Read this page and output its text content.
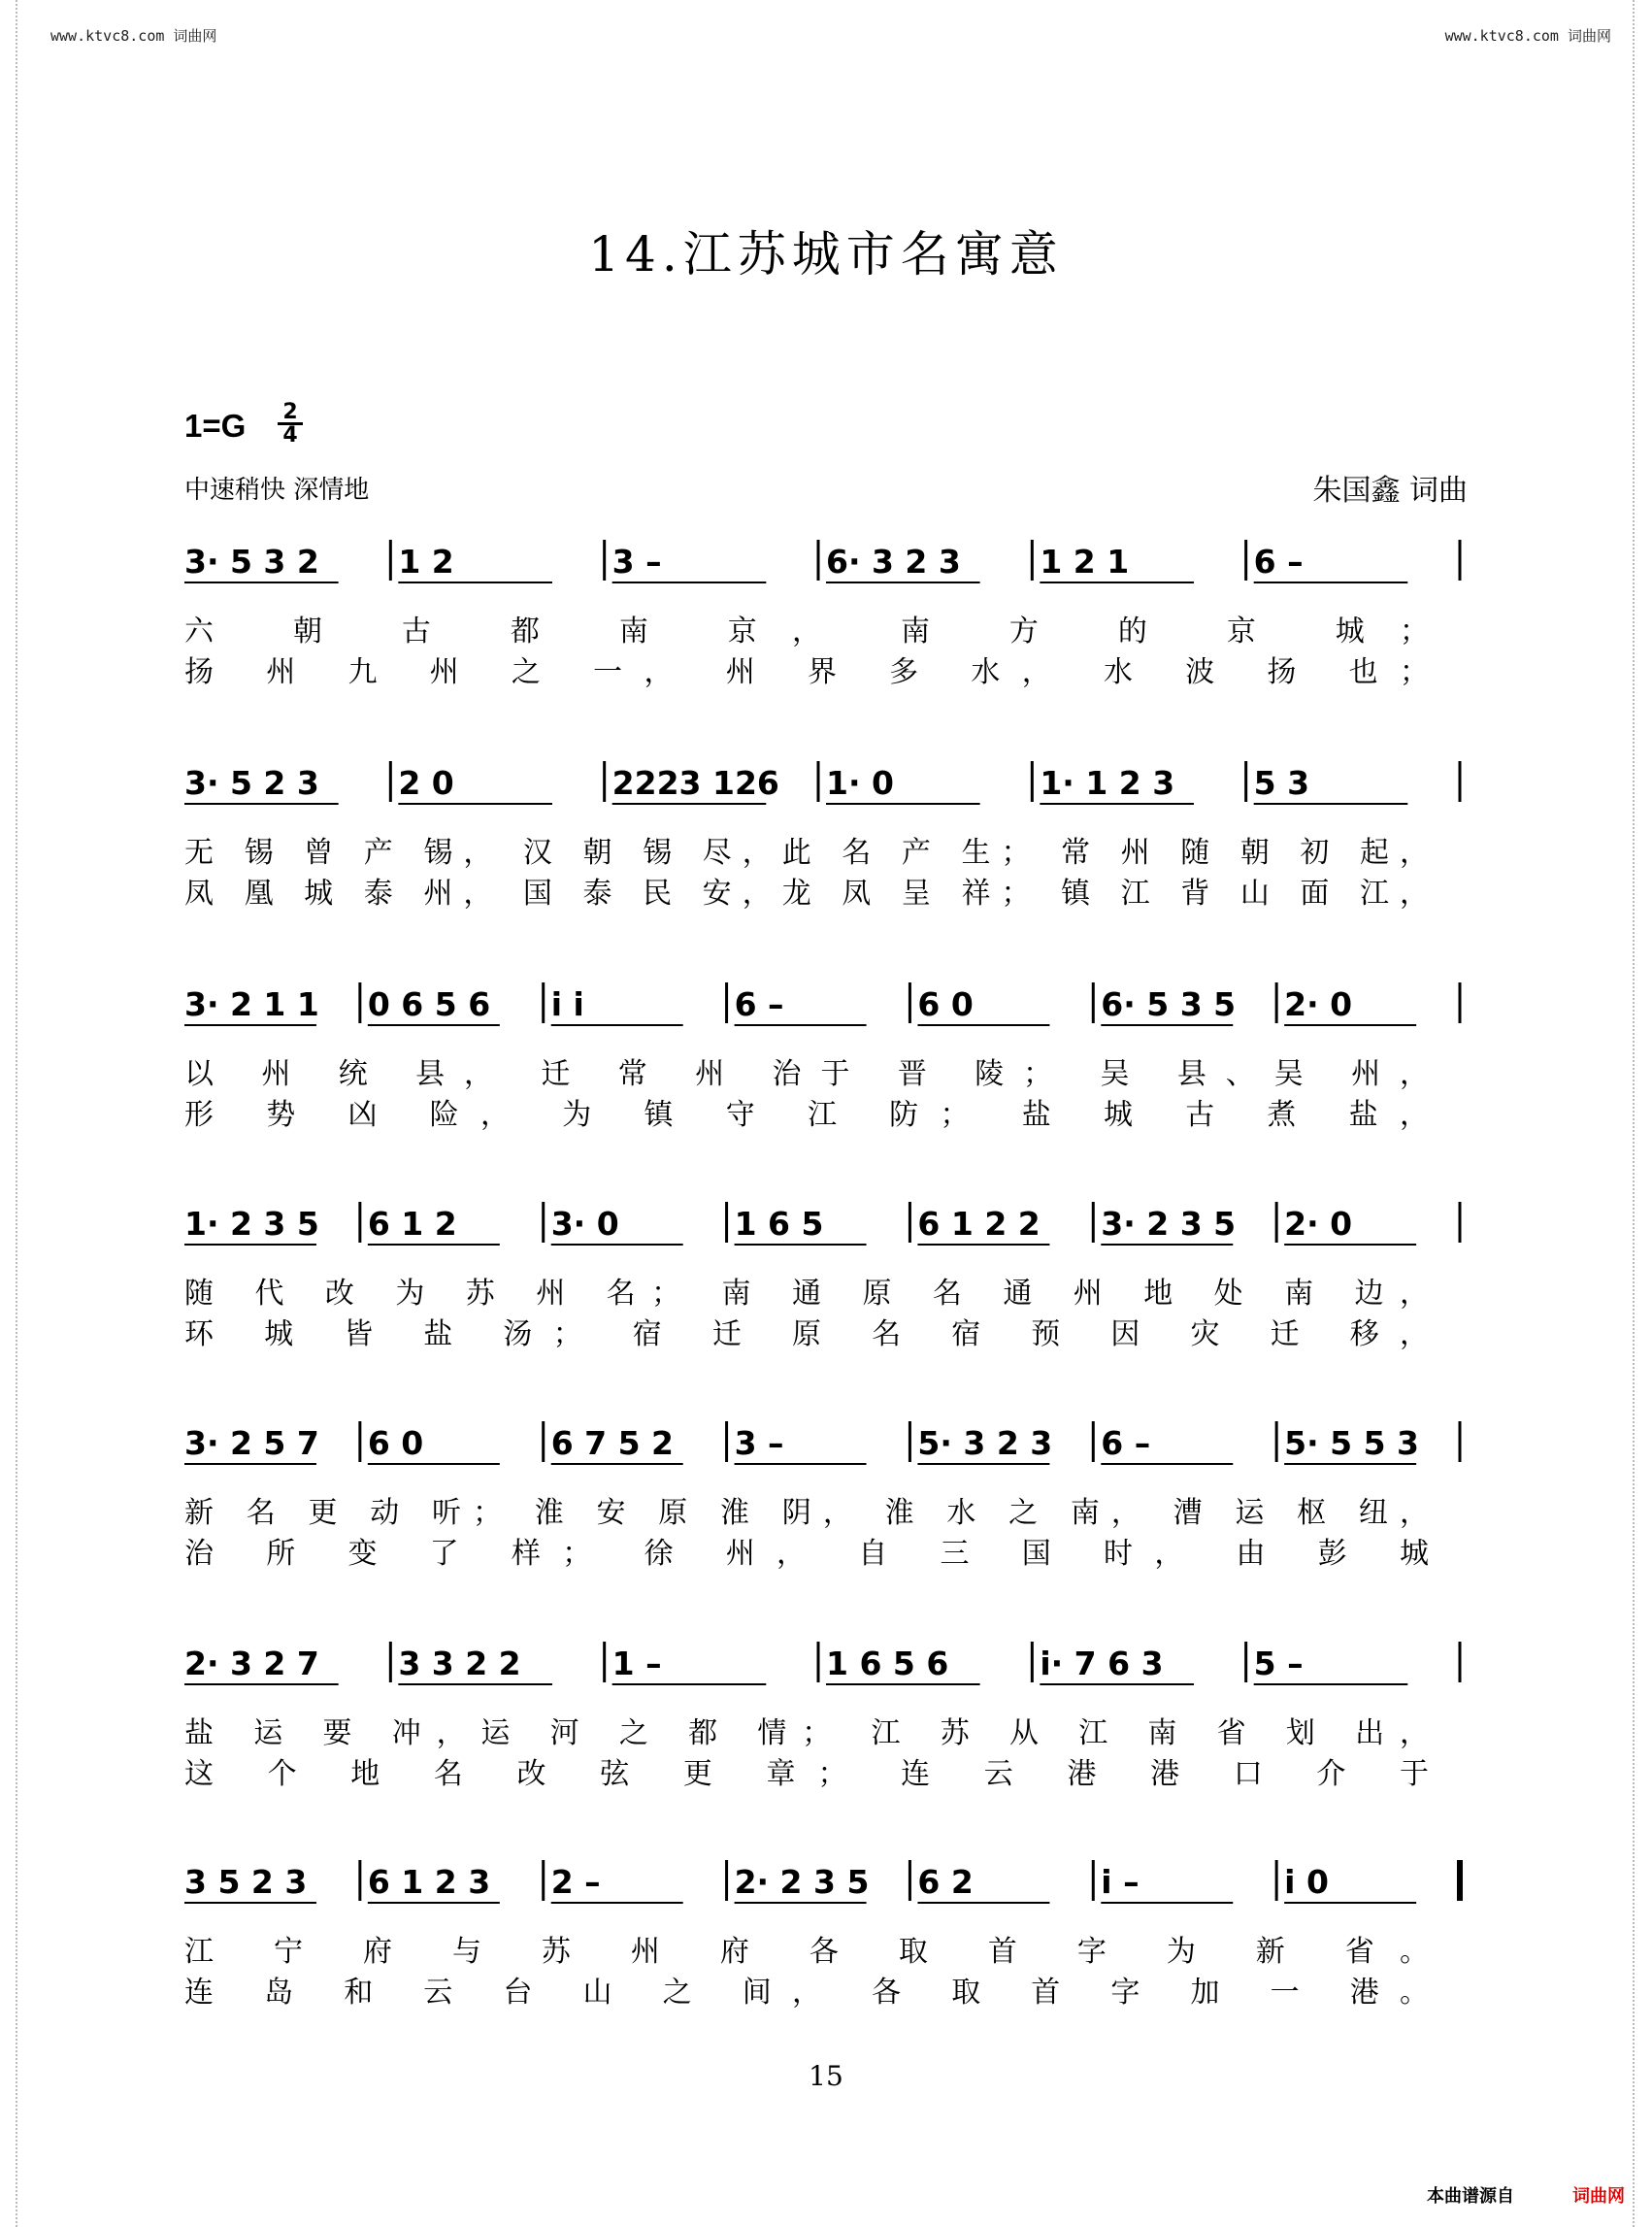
www.ktvc8.com 词曲网	www.ktvc8.com 词曲网
14.江苏城市名寓意
$1=G \frac{2}{4}$
中速稍快 深情地	朱国鑫 词曲
3· 5 3 2 1 2	3 –	6· 3 2 3 1 2 1	6 –
六 朝 古 都 南 京， 南 方 的 京 城；
扬 州 九 州 之 一， 州 界 多 水， 水 波 扬 也；
3· 5 2 3 2 0	2223 126 1· 0	1· 1 2 3 5 3
无 锡 曾 产 锡， 汉 朝 锡 尽，此 名 产 生； 常 州 随 朝 初 起，
凤 凰 城 泰 州， 国 泰 民 安，龙 凤 呈 祥； 镇 江 背 山 面 江，
3· 2 1 1 0 6 5 6 i i	6 –	6 0	6· 5 3 5 2· 0
以 州 统 县， 迁 常 州 治于 晋 陵； 吴 县、吴 州，
形 势 凶 险， 为 镇 守 江 防； 盐 城 古 煮 盐，
1· 2 3 5 6 1 2	3· 0	1 6 5	6 1 2 2 3· 2 3 5 2· 0
随 代 改 为 苏 州 名； 南 通 原 名 通 州 地 处 南 边，
环 城 皆 盐 汤； 宿 迁 原 名 宿 预 因 灾 迁 移，
3· 2 5 7 6 0	6 7 5 2 3 –	5· 3 2 3 6 –	5· 5 5 3
新 名 更 动 听； 淮 安 原 淮 阴， 淮 水 之 南， 漕 运 枢 纽，
治 所 变 了 样； 徐 州， 自 三 国 时， 由 彭 城
2· 3 2 7 3 3 2 2	1 –	1 6 5 6	i· 7 6 3	5 –
盐 运 要 冲，运 河 之 都 情； 江 苏 从 江 南 省 划 出，
这 个 地 名 改 弦 更 章； 连 云 港 港 口 介 于
3 5 2 3 6 1 2 3 2 –	2· 2 3 5 6 2	i –	i 0
江 宁 府 与 苏 州 府 各 取 首 字 为 新 省。
连 岛 和 云 台 山 之 间， 各 取 首 字 加 一 港。
15
本曲谱源自	词曲网
